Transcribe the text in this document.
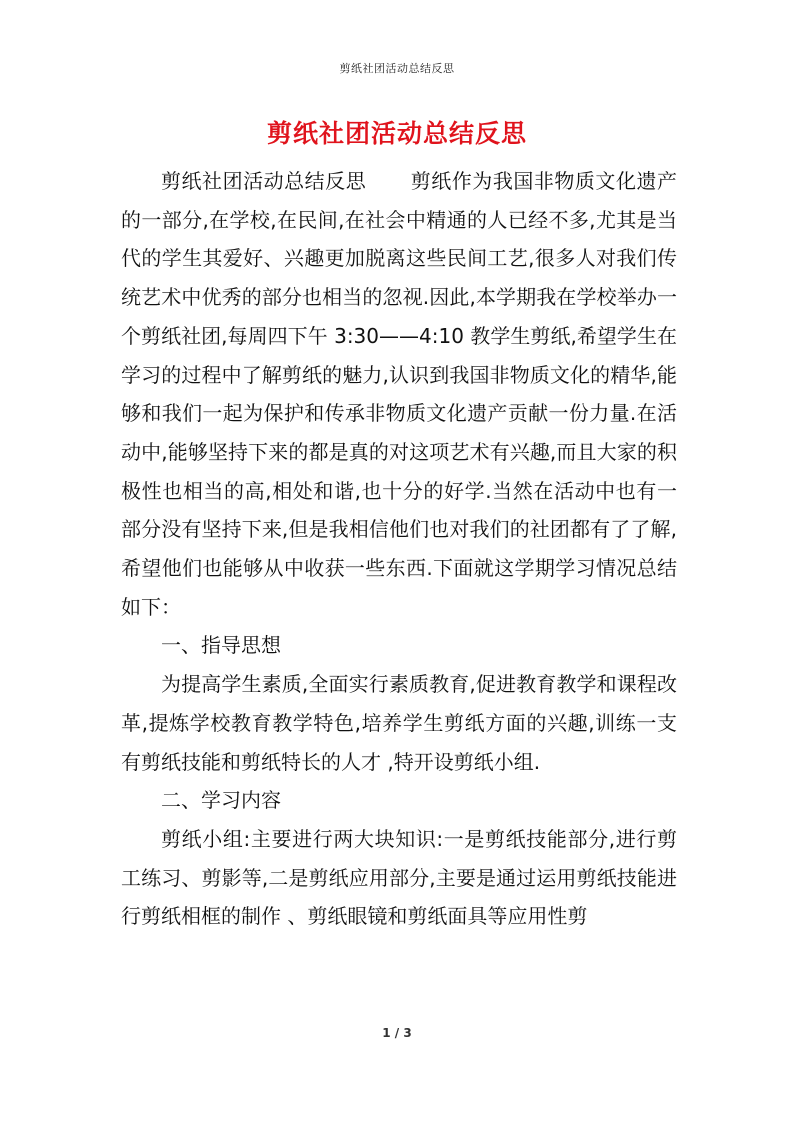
剪纸社团活动总结反思
剪纸社团活动总结反思

剪纸社团活动总结反思 剪纸作为我国非物质文化遗产的一部分,在学校,在民间,在社会中精通的人已经不多,尤其是当代的学生其爱好、兴趣更加脱离这些民间工艺,很多人对我们传统艺术中优秀的部分也相当的忽视.因此,本学期我在学校举办一个剪纸社团,每周四下午 3:30——4:10 教学生剪纸,希望学生在学习的过程中了解剪纸的魅力,认识到我国非物质文化的精华,能够和我们一起为保护和传承非物质文化遗产贡献一份力量.在活动中,能够坚持下来的都是真的对这项艺术有兴趣,而且大家的积极性也相当的高,相处和谐,也十分的好学.当然在活动中也有一部分没有坚持下来,但是我相信他们也对我们的社团都有了了解,希望他们也能够从中收获一些东西.下面就这学期学习情况总结如下：

一、指导思想

为提高学生素质,全面实行素质教育,促进教育教学和课程改革,提炼学校教育教学特色,培养学生剪纸方面的兴趣,训练一支有剪纸技能和剪纸特长的人才 ,特开设剪纸小组.

二、学习内容

剪纸小组:主要进行两大块知识:一是剪纸技能部分,进行剪工练习、剪影等,二是剪纸应用部分,主要是通过运用剪纸技能进行剪纸相框的制作 、剪纸眼镜和剪纸面具等应用性剪

1 / 3
